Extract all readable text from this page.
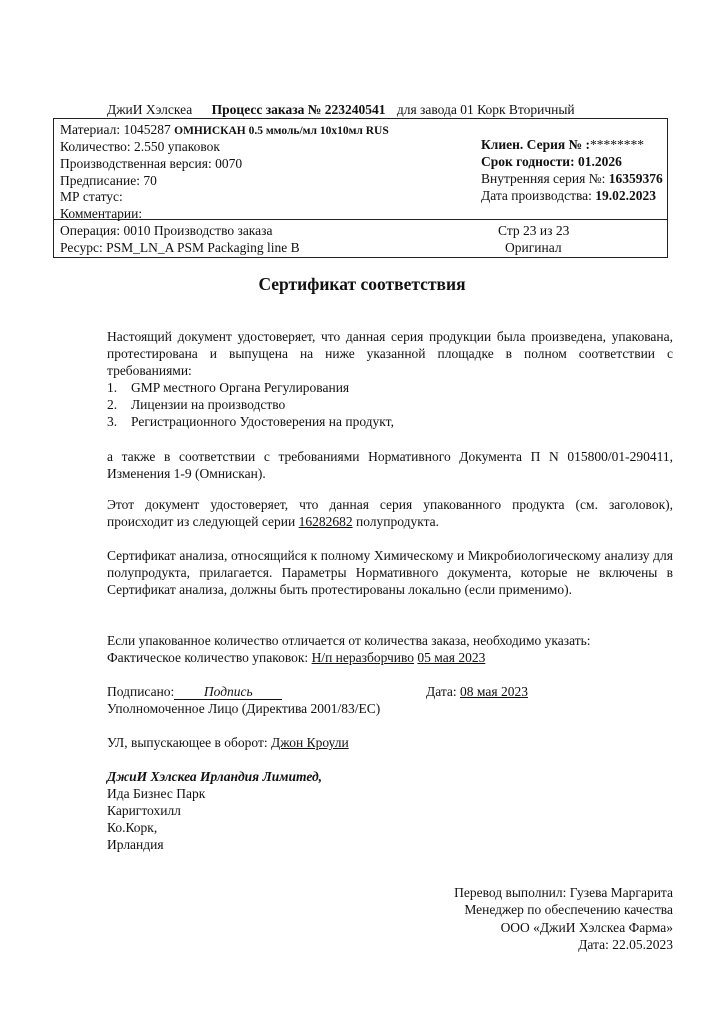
ДжиИ Хэлскеа Процесс заказа № 223240541 для завода 01 Корк Вторичный
Материал: 1045287 ОМНИСКАН 0.5 ммоль/мл 10x10мл RUS
Количество: 2.550 упаковок
Производственная версия: 0070
Предписание: 70
МР статус:
Комментарии:
Клиен. Серия № :********
Срок годности: 01.2026
Внутренняя серия №: 16359376
Дата производства: 19.02.2023
Операция: 0010 Производство заказа
Ресурс: PSM_LN_A PSM Packaging line B
Стр 23 из 23
Оригинал
Сертификат соответствия
Настоящий документ удостоверяет, что данная серия продукции была произведена, упакована, протестирована и выпущена на ниже указанной площадке в полном соответствии с требованиями:
1. GMP местного Органа Регулирования
2. Лицензии на производство
3. Регистрационного Удостоверения на продукт,
а также в соответствии с требованиями Нормативного Документа П N 015800/01-290411, Изменения 1-9 (Омнискан).
Этот документ удостоверяет, что данная серия упакованного продукта (см. заголовок), происходит из следующей серии 16282682 полупродукта.
Сертификат анализа, относящийся к полному Химическому и Микробиологическому анализу для полупродукта, прилагается. Параметры Нормативного документа, которые не включены в Сертификат анализа, должны быть протестированы локально (если применимо).
Если упакованное количество отличается от количества заказа, необходимо указать:
Фактическое количество упаковок: Н/п неразборчиво 05 мая 2023
Подписано: Подпись	Дата: 08 мая 2023
Уполномоченное Лицо (Директива 2001/83/ЕС)
УЛ, выпускающее в оборот: Джон Кроули
ДжиИ Хэлскеа Ирландия Лимитед,
Ида Бизнес Парк
Каригтохилл
Ко.Корк,
Ирландия
Перевод выполнил: Гузева Маргарита
Менеджер по обеспечению качества
ООО «ДжиИ Хэлскеа Фарма»
Дата: 22.05.2023
